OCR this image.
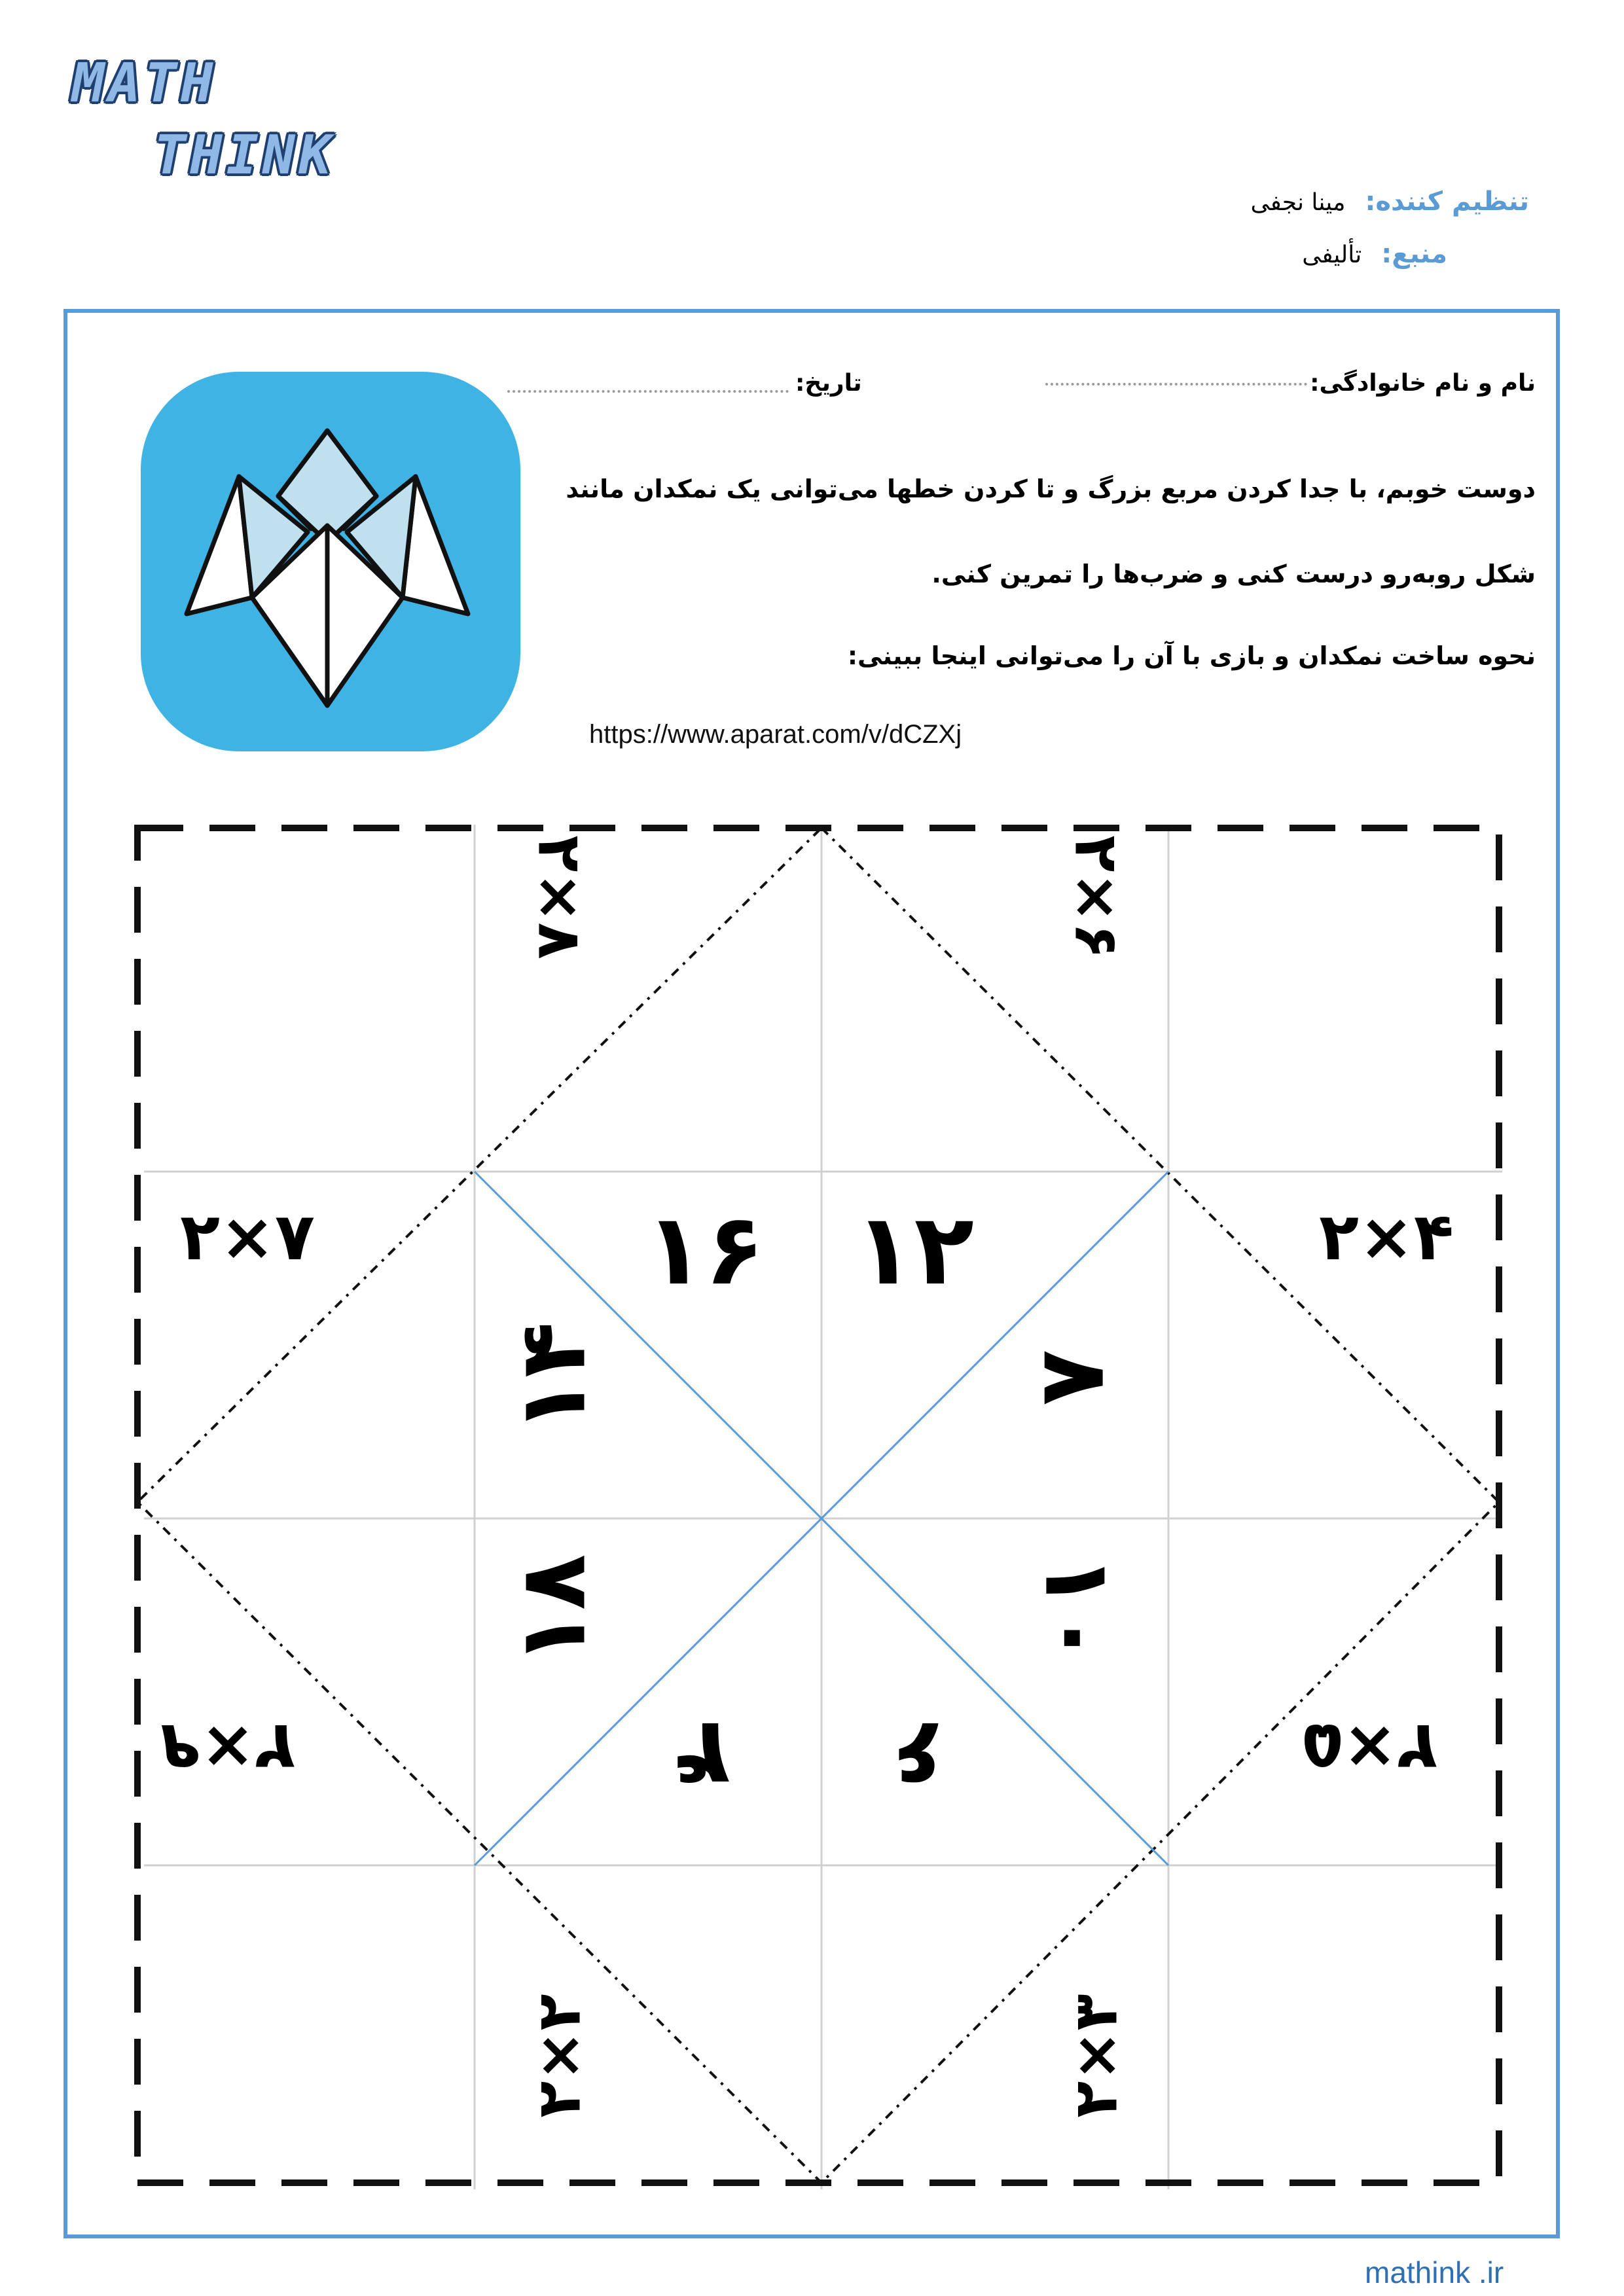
MATH
THINK
تنظیم کننده:مینا نجفی
منبع:تألیفی
نام و نام خانوادگی:
تاریخ:
دوست خوبم، با جدا کردن مربع بزرگ و تا کردن خطها می‌توانی یک نمکدان مانند
شکل روبه‌رو درست کنی و ضرب‌ها را تمرین کنی.
نحوه ساخت نمکدان و بازی با آن را می‌توانی اینجا ببینی:
https://www.aparat.com/v/dCZXj
۲×۸	۲×۶
۲×۷
۲×۹
۲×۴
۲×۵
۲×۲	۲×۳
۱۶ ۱۲
۱۴
۱۸
۸
۱۰
۴ ۶
mathink .ir
